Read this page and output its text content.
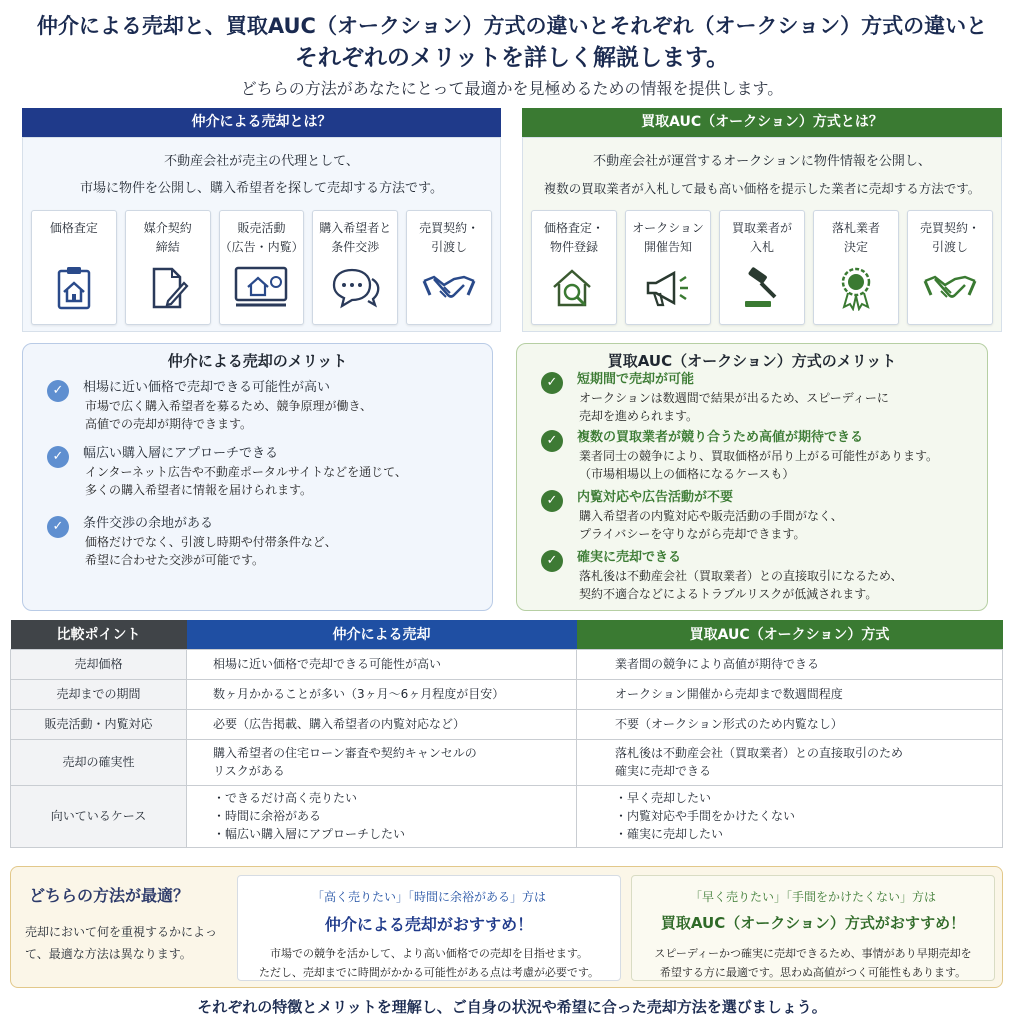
仲介による売却と、買取AUC（オークション）方式の違いとそれぞれ（オークション）方式の違いと
それぞれのメリットを詳しく解説します。
どちらの方法があなたにとって最適かを見極めるための情報を提供します。
仲介による売却とは？
不動産会社が売主の代理として、
市場に物件を公開し、購入希望者を探して売却する方法です。
価格査定	媒介契約
締結
販売活動
（広告・内覧）
購入希望者と
条件交渉
売買契約・
引渡し
買取AUC（オークション）方式とは？
不動産会社が運営するオークションに物件情報を公開し、
複数の買取業者が入札して最も高い価格を提示した業者に売却する方法です。
価格査定・
物件登録
オークション
開催告知
買取業者が
入札
落札業者
決定
売買契約・
引渡し
仲介による売却のメリット
✓	相場に近い価格で売却できる可能性が高い
市場で広く購入希望者を募るため、競争原理が働き、
高値での売却が期待できます。
✓	幅広い購入層にアプローチできる
インターネット広告や不動産ポータルサイトなどを通じて、
多くの購入希望者に情報を届けられます。
✓	条件交渉の余地がある
価格だけでなく、引渡し時期や付帯条件など、
希望に合わせた交渉が可能です。
買取AUC（オークション）方式のメリット
✓	短期間で売却が可能
オークションは数週間で結果が出るため、スピーディーに
売却を進められます。
✓	複数の買取業者が競り合うため高値が期待できる
業者同士の競争により、買取価格が吊り上がる可能性があります。
（市場相場以上の価格になるケースも）
✓	内覧対応や広告活動が不要
購入希望者の内覧対応や販売活動の手間がなく、
プライバシーを守りながら売却できます。
✓	確実に売却できる
落札後は不動産会社（買取業者）との直接取引になるため、
契約不適合などによるトラブルリスクが低減されます。
比較ポイント	仲介による売却	買取AUC（オークション）方式
売却価格	相場に近い価格で売却できる可能性が高い	業者間の競争により高値が期待できる
売却までの期間	数ヶ月かかることが多い（3ヶ月〜6ヶ月程度が目安）	オークション開催から売却まで数週間程度
販売活動・内覧対応	必要（広告掲載、購入希望者の内覧対応など）	不要（オークション形式のため内覧なし）
売却の確実性	購入希望者の住宅ローン審査や契約キャンセルの
リスクがある	落札後は不動産会社（買取業者）との直接取引のため
確実に売却できる
向いているケース	・できるだけ高く売りたい
・時間に余裕がある
・幅広い購入層にアプローチしたい	・早く売却したい
・内覧対応や手間をかけたくない
・確実に売却したい
どちらの方法が最適？
売却において何を重視するかによっ
て、最適な方法は異なります。
「高く売りたい」「時間に余裕がある」方は
仲介による売却がおすすめ！
市場での競争を活かして、より高い価格での売却を目指せます。
ただし、売却までに時間がかかる可能性がある点は考慮が必要です。
「早く売りたい」「手間をかけたくない」方は
買取AUC（オークション）方式がおすすめ！
スピーディーかつ確実に売却できるため、事情があり早期売却を
希望する方に最適です。思わぬ高値がつく可能性もあります。
それぞれの特徴とメリットを理解し、ご自身の状況や希望に合った売却方法を選びましょう。
